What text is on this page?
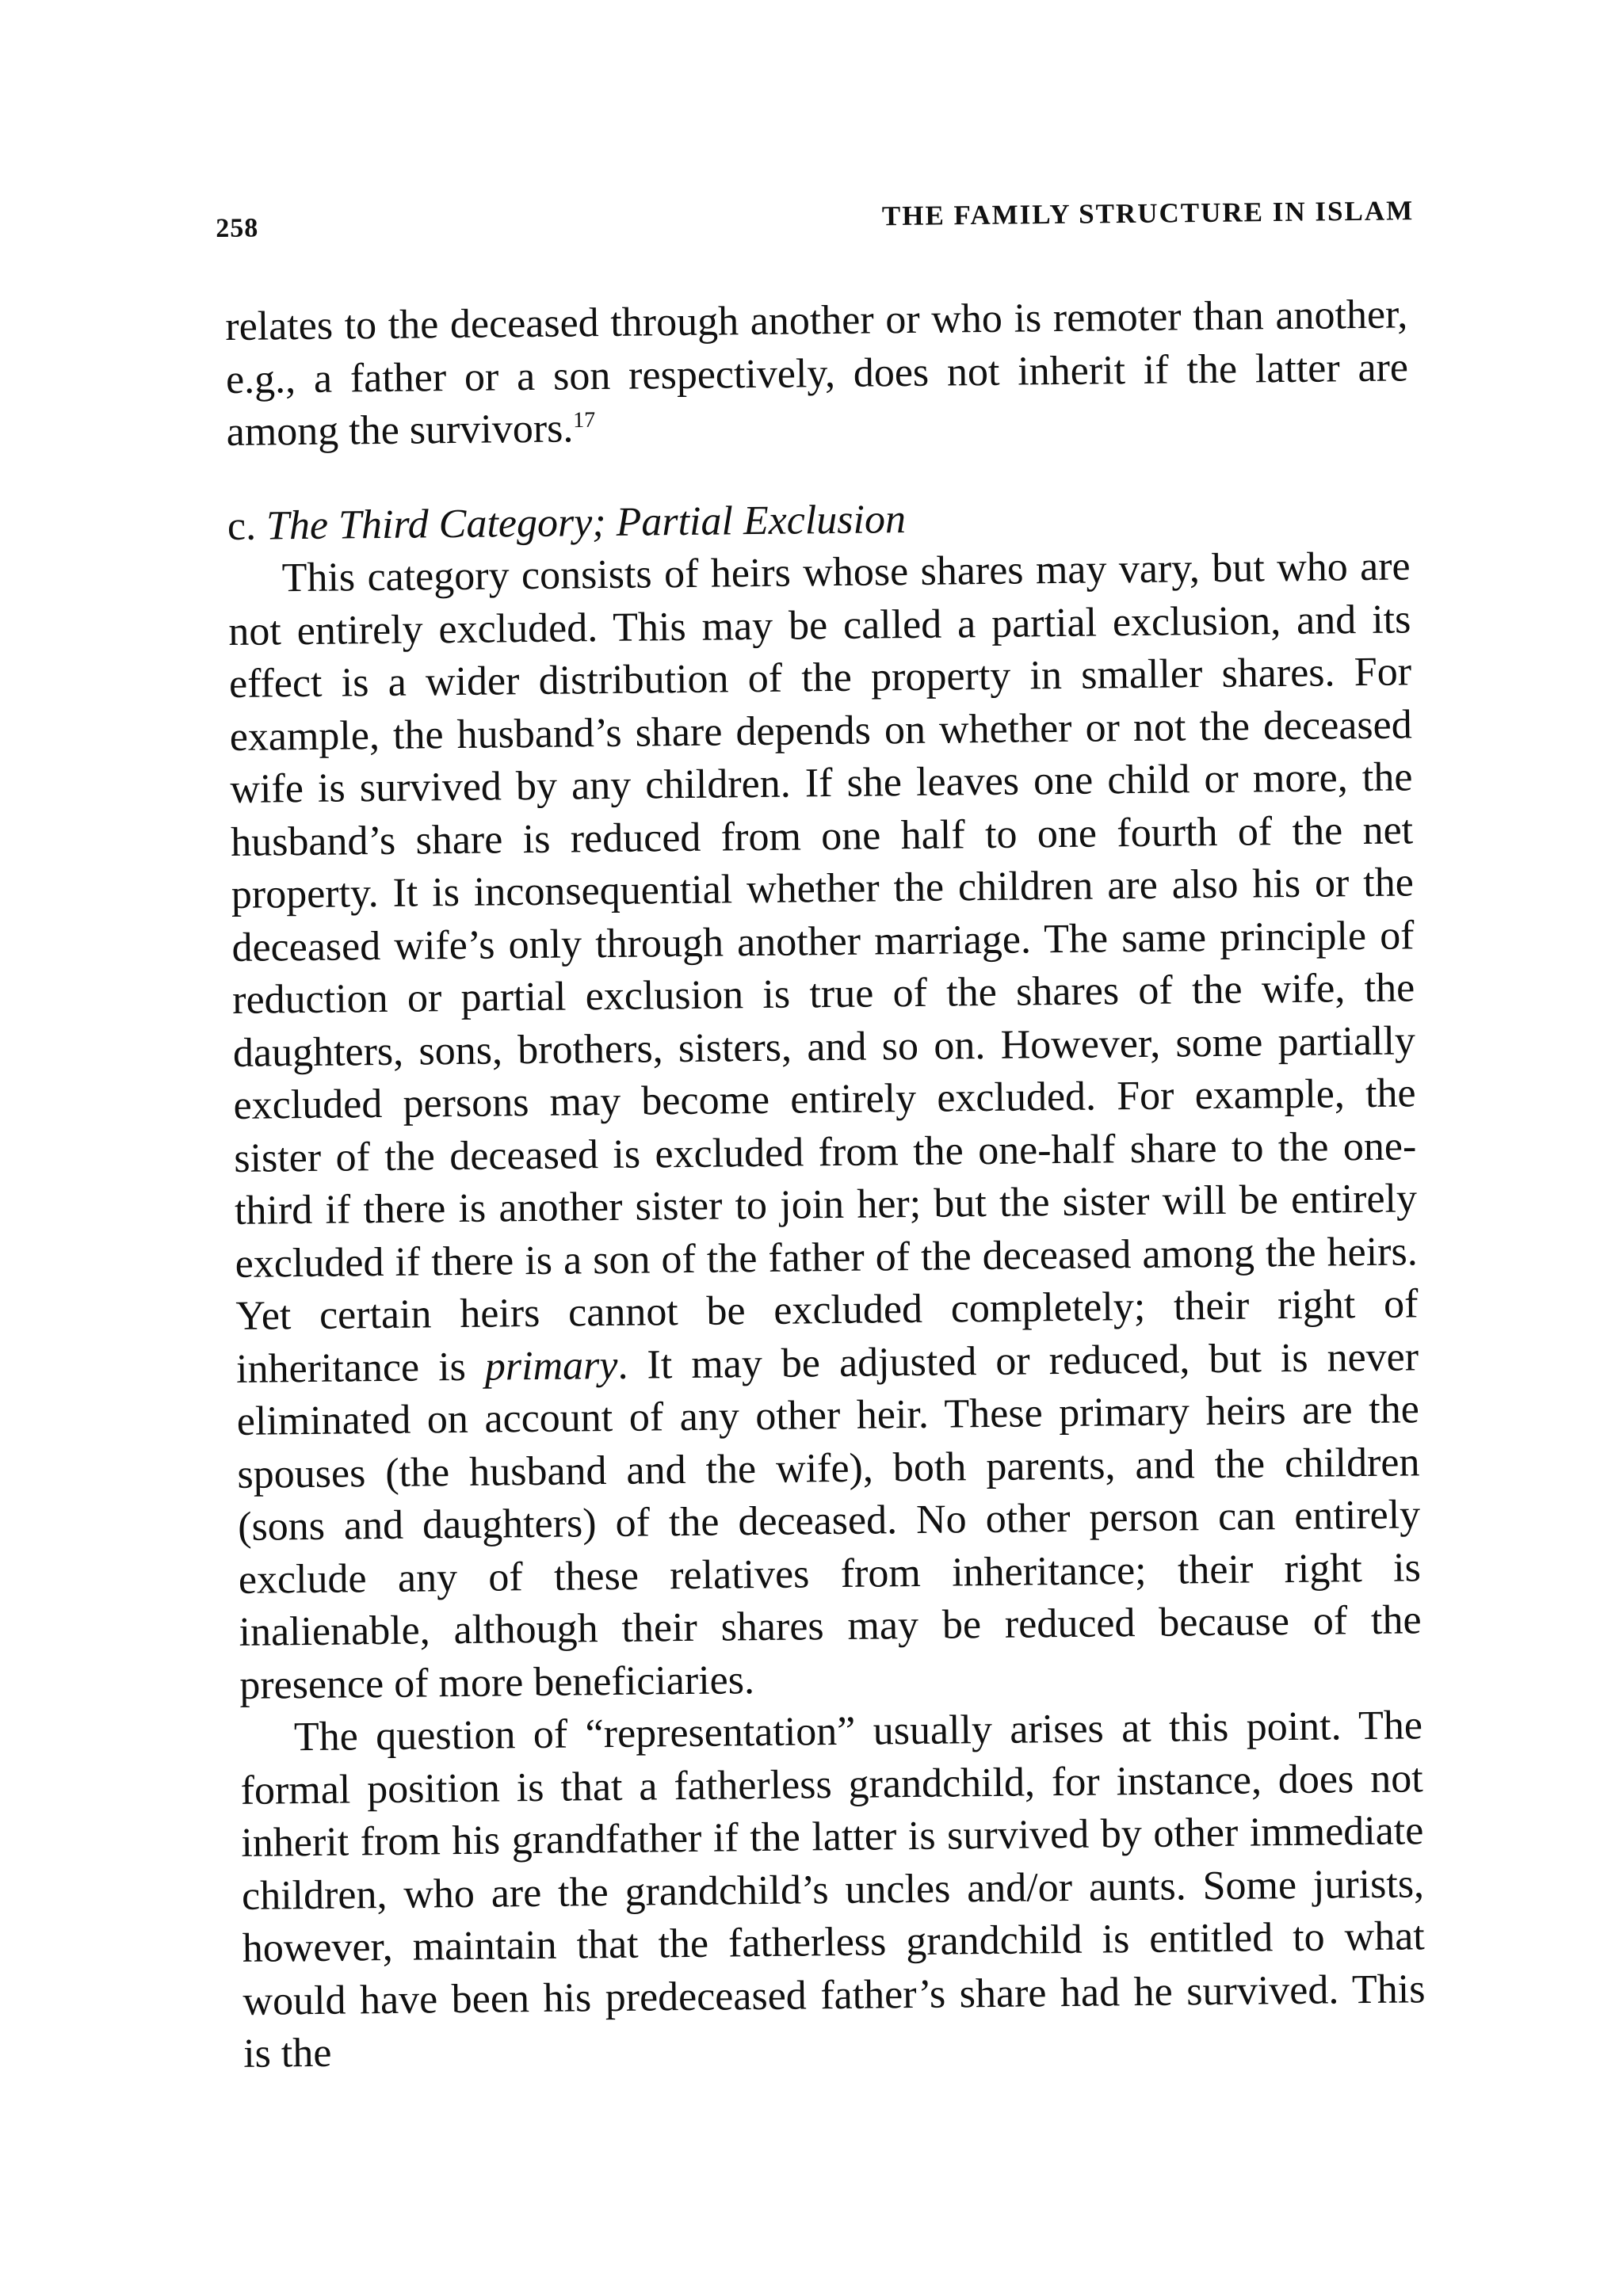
258	THE FAMILY STRUCTURE IN ISLAM

relates to the deceased through another or who is remoter than another, e.g., a father or a son respectively, does not inherit if the latter are among the survivors.$^{17}$

c. The Third Category; Partial Exclusion

This category consists of heirs whose shares may vary, but who are not entirely excluded. This may be called a partial exclusion, and its effect is a wider distribution of the property in smaller shares. For example, the husband’s share depends on whether or not the deceased wife is survived by any children. If she leaves one child or more, the husband’s share is reduced from one half to one fourth of the net property. It is inconsequential whether the children are also his or the deceased wife’s only through another marriage. The same principle of reduction or partial exclusion is true of the shares of the wife, the daughters, sons, brothers, sisters, and so on. However, some partially excluded persons may become entirely excluded. For example, the sister of the deceased is excluded from the one-half share to the one-third if there is another sister to join her; but the sister will be entirely excluded if there is a son of the father of the deceased among the heirs. Yet certain heirs cannot be excluded completely; their right of inheritance is primary. It may be adjusted or reduced, but is never eliminated on account of any other heir. These primary heirs are the spouses (the husband and the wife), both parents, and the children (sons and daughters) of the deceased. No other person can entirely exclude any of these relatives from inheritance; their right is inalienable, although their shares may be reduced because of the presence of more beneficiaries.

The question of “representation” usually arises at this point. The formal position is that a fatherless grandchild, for instance, does not inherit from his grandfather if the latter is survived by other immediate children, who are the grandchild’s uncles and/or aunts. Some jurists, however, maintain that the fatherless grandchild is entitled to what would have been his predeceased father’s share had he survived. This is the
